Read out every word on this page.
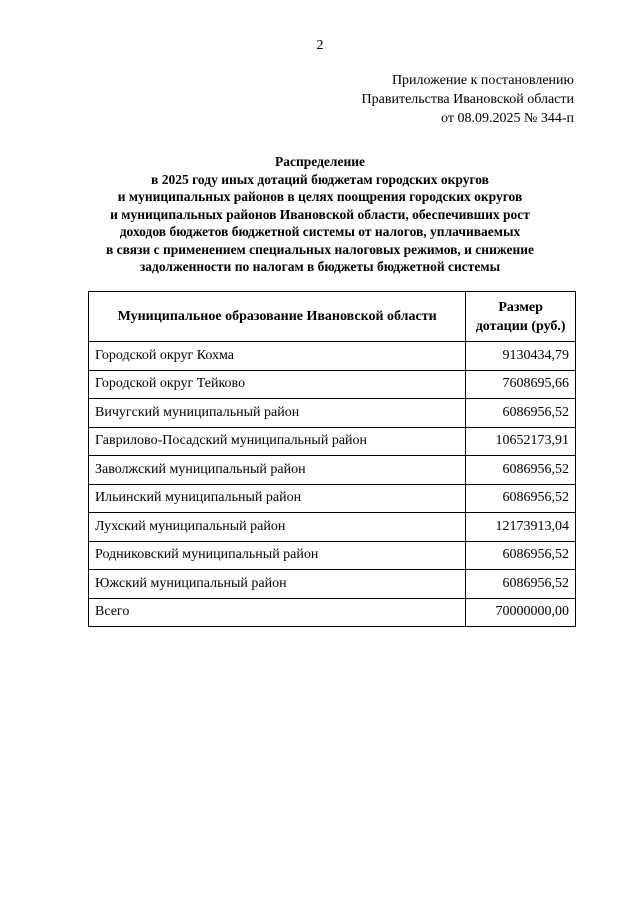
2
Приложение к постановлению
Правительства Ивановской области
от 08.09.2025 № 344-п
Распределение
в 2025 году иных дотаций бюджетам городских округов
и муниципальных районов в целях поощрения городских округов
и муниципальных районов Ивановской области, обеспечивших рост
доходов бюджетов бюджетной системы от налогов, уплачиваемых
в связи с применением специальных налоговых режимов, и снижение
задолженности по налогам в бюджеты бюджетной системы
Муниципальное образование Ивановской области	Размер
дотации (руб.)

Городской округ Кохма	9130434,79
Городской округ Тейково	7608695,66
Вичугский муниципальный район	6086956,52
Гаврилово-Посадский муниципальный район	10652173,91
Заволжский муниципальный район	6086956,52
Ильинский муниципальный район	6086956,52
Лухский муниципальный район	12173913,04
Родниковский муниципальный район	6086956,52
Южский муниципальный район	6086956,52
Всего	70000000,00
